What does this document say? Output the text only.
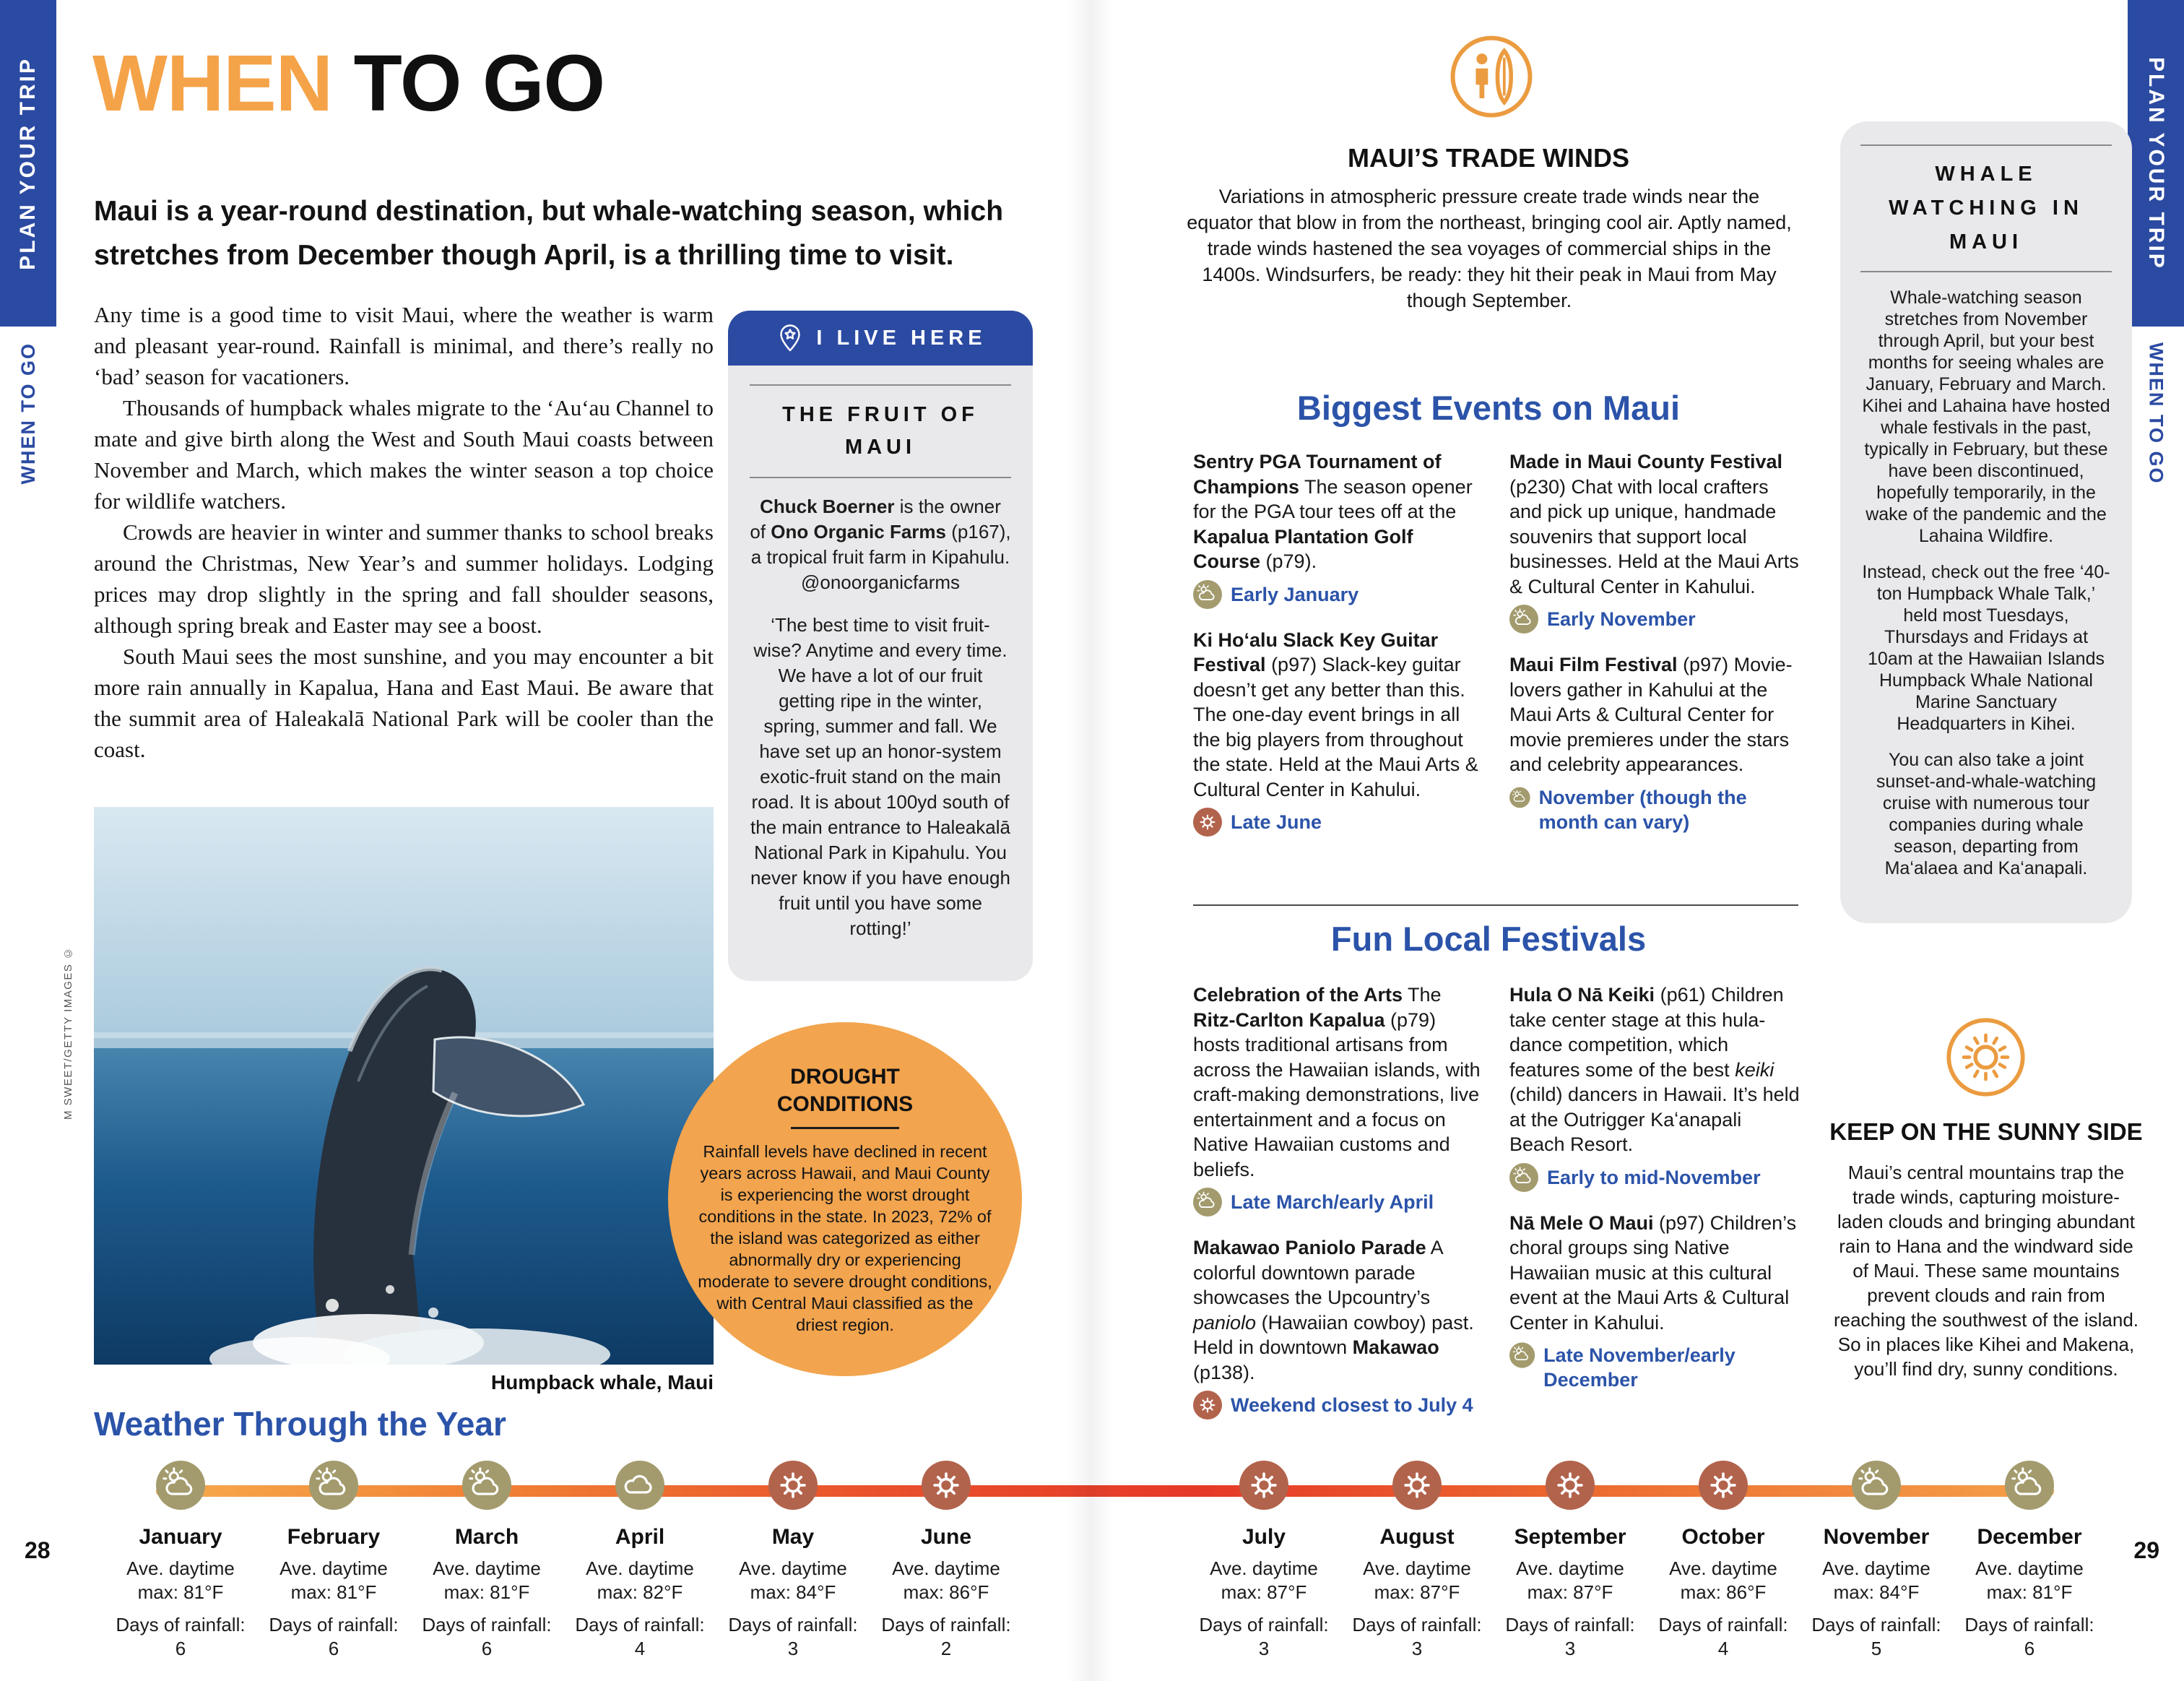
PLAN YOUR TRIP
WHEN TO GO
PLAN YOUR TRIP
WHEN TO GO
WHEN TO GO
Maui is a year-round destination, but whale-watching season, which stretches from December though April, is a thrilling time to visit.

Any time is a good time to visit Maui, where the weather is warm and pleasant year-round. Rainfall is minimal, and there’s really no ‘bad’ season for vacationers.

Thousands of humpback whales migrate to the ʻAuʻau Channel to mate and give birth along the West and South Maui coasts between November and March, which makes the winter season a top choice for wildlife watchers.

Crowds are heavier in winter and summer thanks to school breaks around the Christmas, New Year’s and summer holidays. Lodging prices may drop slightly in the spring and fall shoulder seasons, although spring break and Easter may see a boost.

South Maui sees the most sunshine, and you may encounter a bit more rain annually in Kapalua, Hana and East Maui. Be aware that the summit area of Haleakalā National Park will be cooler than the coast.

M SWEET/GETTY IMAGES ©
Humpback whale, Maui
I LIVE HERE
THE FRUIT OF MAUI
Chuck Boerner is the owner of Ono Organic Farms (p167), a tropical fruit farm in Kipahulu. @onoorganicfarms
‘The best time to visit fruit-wise? Anytime and every time. We have a lot of our fruit getting ripe in the winter, spring, summer and fall. We have set up an honor-system exotic-fruit stand on the main road. It is about 100yd south of the main entrance to Haleakalā National Park in Kipahulu. You never know if you have enough fruit until you have some rotting!’
DROUGHT
CONDITIONS

Rainfall levels have declined in recent years across Hawaii, and Maui County is experiencing the worst drought conditions in the state. In 2023, 72% of the island was categorized as either abnormally dry or experiencing moderate to severe drought conditions, with Central Maui classified as the driest region.

MAUI’S TRADE WINDS
Variations in atmospheric pressure create trade winds near the equator that blow in from the northeast, bringing cool air. Aptly named, trade winds hastened the sea voyages of commercial ships in the 1400s. Windsurfers, be ready: they hit their peak in Maui from May though September.
Biggest Events on Maui

Sentry PGA Tournament of Champions The season opener for the PGA tour tees off at the Kapalua Plantation Golf Course (p79).

Early January

Ki Hoʻalu Slack Key Guitar Festival (p97) Slack-key guitar doesn’t get any better than this. The one-day event brings in all the big players from throughout the state. Held at the Maui Arts & Cultural Center in Kahului.

Late June

Made in Maui County Festival (p230) Chat with local crafters and pick up unique, handmade souvenirs that support local businesses. Held at the Maui Arts & Cultural Center in Kahului.

Early November

Maui Film Festival (p97) Movie-lovers gather in Kahului at the Maui Arts & Cultural Center for movie premieres under the stars and celebrity appearances.

November (though the month can vary)
Fun Local Festivals

Celebration of the Arts The Ritz-Carlton Kapalua (p79) hosts traditional artisans from across the Hawaiian islands, with craft-making demonstrations, live entertainment and a focus on Native Hawaiian customs and beliefs.

Late March/early April

Makawao Paniolo Parade A colorful downtown parade showcases the Upcountry’s paniolo (Hawaiian cowboy) past. Held in downtown Makawao (p138).

Weekend closest to July 4

Hula O Nā Keiki (p61) Children take center stage at this hula-dance competition, which features some of the best keiki (child) dancers in Hawaii. It’s held at the Outrigger Kaʻanapali Beach Resort.

Early to mid-November

Nā Mele O Maui (p97) Children’s choral groups sing Native Hawaiian music at this cultural event at the Maui Arts & Cultural Center in Kahului.

Late November/early December
WHALE WATCHING IN MAUI

Whale-watching season stretches from November through April, but your best months for seeing whales are January, February and March. Kihei and Lahaina have hosted whale festivals in the past, typically in February, but these have been discontinued, hopefully temporarily, in the wake of the pandemic and the Lahaina Wildfire.

Instead, check out the free ‘40-ton Humpback Whale Talk,’ held most Tuesdays, Thursdays and Fridays at 10am at the Hawaiian Islands Humpback Whale National Marine Sanctuary Headquarters in Kihei.

You can also take a joint sunset-and-whale-watching cruise with numerous tour companies during whale season, departing from Maʻalaea and Kaʻanapali.

KEEP ON THE SUNNY SIDE
Maui’s central mountains trap the trade winds, capturing moisture-laden clouds and bringing abundant rain to Hana and the windward side of Maui. These same mountains prevent clouds and rain from reaching the southwest of the island. So in places like Kihei and Makena, you’ll find dry, sunny conditions.
Weather Through the Year
January
Ave. daytime
max: 81°F
Days of rainfall:
6
February
Ave. daytime
max: 81°F
Days of rainfall:
6
March
Ave. daytime
max: 81°F
Days of rainfall:
6
April
Ave. daytime
max: 82°F
Days of rainfall:
4
May
Ave. daytime
max: 84°F
Days of rainfall:
3
June
Ave. daytime
max: 86°F
Days of rainfall:
2
July
Ave. daytime
max: 87°F
Days of rainfall:
3
August
Ave. daytime
max: 87°F
Days of rainfall:
3
September
Ave. daytime
max: 87°F
Days of rainfall:
3
October
Ave. daytime
max: 86°F
Days of rainfall:
4
November
Ave. daytime
max: 84°F
Days of rainfall:
5
December
Ave. daytime
max: 81°F
Days of rainfall:
6
28	29
